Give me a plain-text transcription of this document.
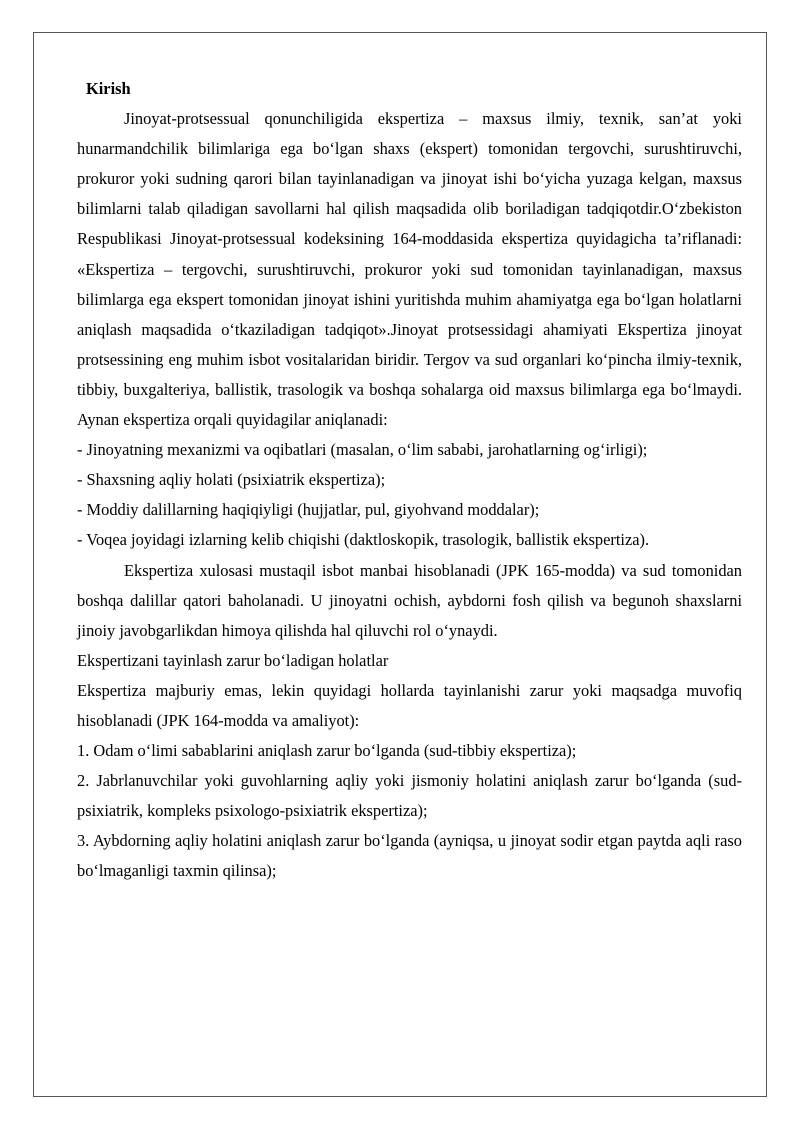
Kirish

Jinoyat-protsessual qonunchiligida ekspertiza – maxsus ilmiy, texnik, san’at yoki hunarmandchilik bilimlariga ega bo‘lgan shaxs (ekspert) tomonidan tergovchi, surushtiruvchi, prokuror yoki sudning qarori bilan tayinlanadigan va jinoyat ishi bo‘yicha yuzaga kelgan, maxsus bilimlarni talab qiladigan savollarni hal qilish maqsadida olib boriladigan tadqiqotdir.O‘zbekiston Respublikasi Jinoyat-protsessual kodeksining 164-moddasida ekspertiza quyidagicha ta’riflanadi: «Ekspertiza – tergovchi, surushtiruvchi, prokuror yoki sud tomonidan tayinlanadigan, maxsus bilimlarga ega ekspert tomonidan jinoyat ishini yuritishda muhim ahamiyatga ega bo‘lgan holatlarni aniqlash maqsadida o‘tkaziladigan tadqiqot».Jinoyat protsessidagi ahamiyati Ekspertiza jinoyat protsessining eng muhim isbot vositalaridan biridir. Tergov va sud organlari ko‘pincha ilmiy-texnik, tibbiy, buxgalteriya, ballistik, trasologik va boshqa sohalarga oid maxsus bilimlarga ega bo‘lmaydi. Aynan ekspertiza orqali quyidagilar aniqlanadi:

- Jinoyatning mexanizmi va oqibatlari (masalan, o‘lim sababi, jarohatlarning og‘irligi);

- Shaxsning aqliy holati (psixiatrik ekspertiza);

- Moddiy dalillarning haqiqiyligi (hujjatlar, pul, giyohvand moddalar);

- Voqea joyidagi izlarning kelib chiqishi (daktloskopik, trasologik, ballistik ekspertiza).

Ekspertiza xulosasi mustaqil isbot manbai hisoblanadi (JPK 165-modda) va sud tomonidan boshqa dalillar qatori baholanadi. U jinoyatni ochish, aybdorni fosh qilish va begunoh shaxslarni jinoiy javobgarlikdan himoya qilishda hal qiluvchi rol o‘ynaydi.

Ekspertizani tayinlash zarur bo‘ladigan holatlar

Ekspertiza majburiy emas, lekin quyidagi hollarda tayinlanishi zarur yoki maqsadga muvofiq hisoblanadi (JPK 164-modda va amaliyot):

1. Odam o‘limi sabablarini aniqlash zarur bo‘lganda (sud-tibbiy ekspertiza);

2. Jabrlanuvchilar yoki guvohlarning aqliy yoki jismoniy holatini aniqlash zarur bo‘lganda (sud-psixiatrik, kompleks psixologo-psixiatrik ekspertiza);

3. Aybdorning aqliy holatini aniqlash zarur bo‘lganda (ayniqsa, u jinoyat sodir etgan paytda aqli raso bo‘lmaganligi taxmin qilinsa);
